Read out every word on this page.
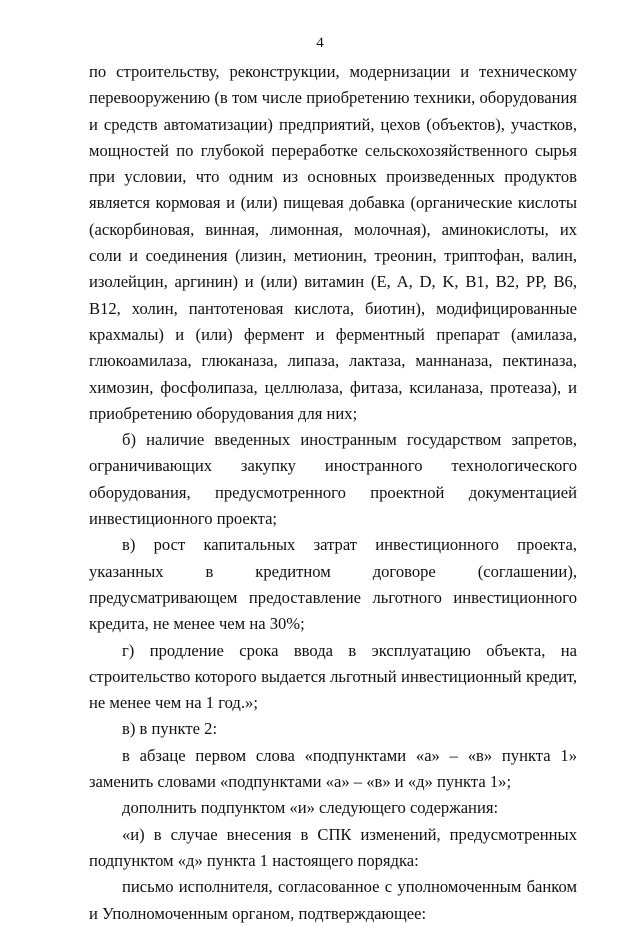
4

по строительству, реконструкции, модернизации и техническому перевооружению (в том числе приобретению техники, оборудования и средств автоматизации) предприятий, цехов (объектов), участков, мощностей по глубокой переработке сельскохозяйственного сырья при условии, что одним из основных произведенных продуктов является кормовая и (или) пищевая добавка (органические кислоты (аскорбиновая, винная, лимонная, молочная), аминокислоты, их соли и соединения (лизин, метионин, треонин, триптофан, валин, изолейцин, аргинин) и (или) витамин (E, A, D, K, B1, B2, PP, B6, B12, холин, пантотеновая кислота, биотин), модифицированные крахмалы) и (или) фермент и ферментный препарат (амилаза, глюкоамилаза, глюканаза, липаза, лактаза, маннаназа, пектиназа, химозин, фосфолипаза, целлюлаза, фитаза, ксиланаза, протеаза), и приобретению оборудования для них;

б) наличие введенных иностранным государством запретов, ограничивающих закупку иностранного технологического оборудования, предусмотренного проектной документацией инвестиционного проекта;

в) рост капитальных затрат инвестиционного проекта, указанных в кредитном договоре (соглашении), предусматривающем предоставление льготного инвестиционного кредита, не менее чем на 30%;

г) продление срока ввода в эксплуатацию объекта, на строительство которого выдается льготный инвестиционный кредит, не менее чем на 1 год.»;

в) в пункте 2:

в абзаце первом слова «подпунктами «а» – «в» пункта 1» заменить словами «подпунктами «а» – «в» и «д» пункта 1»;

дополнить подпунктом «и» следующего содержания:

«и) в случае внесения в СПК изменений, предусмотренных подпунктом «д» пункта 1 настоящего порядка:

письмо исполнителя, согласованное с уполномоченным банком и Уполномоченным органом, подтверждающее:
